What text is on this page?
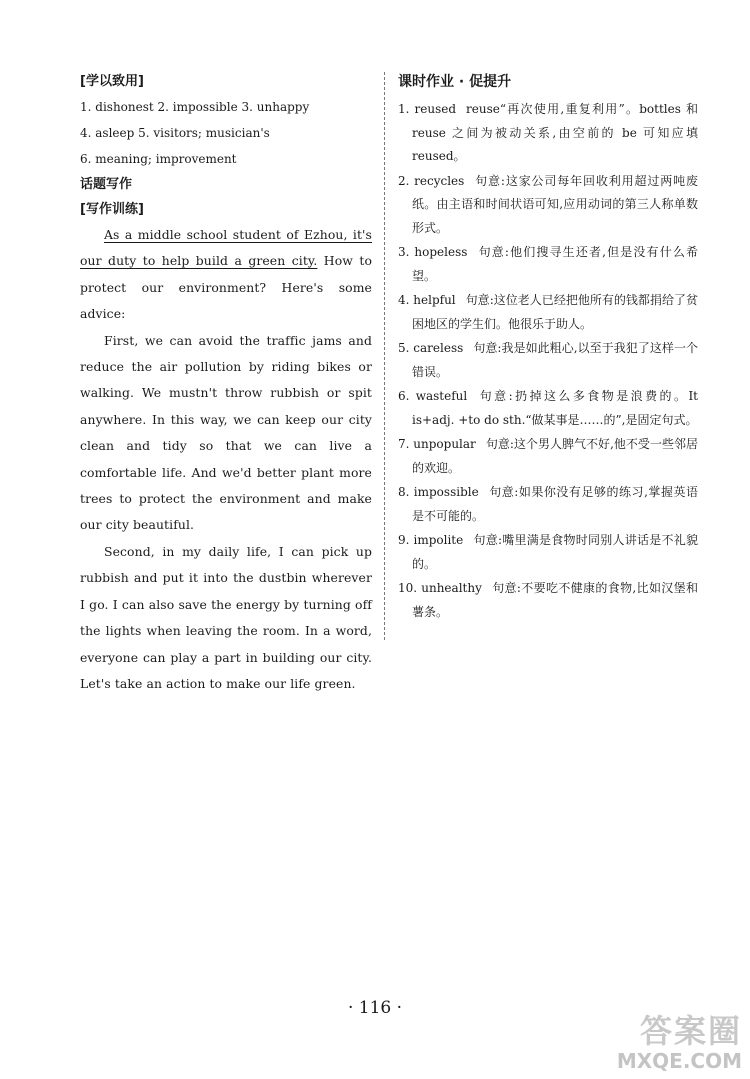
[学以致用]
1. dishonest 2. impossible 3. unhappy
4. asleep 5. visitors; musician's
6. meaning; improvement
话题写作
[写作训练]

As a middle school student of Ezhou, it's our duty to help build a green city. How to protect our environment? Here's some advice:

First, we can avoid the traffic jams and reduce the air pollution by riding bikes or walking. We mustn't throw rubbish or spit anywhere. In this way, we can keep our city clean and tidy so that we can live a comfortable life. And we'd better plant more trees to protect the environment and make our city beautiful.

Second, in my daily life, I can pick up rubbish and put it into the dustbin wherever I go. I can also save the energy by turning off the lights when leaving the room. In a word, everyone can play a part in building our city. Let's take an action to make our life green.

课时作业 · 促提升
1. reused reuse“再次使用,重复利用”。bottles 和 reuse 之间为被动关系,由空前的 be 可知应填 reused。
2. recycles 句意:这家公司每年回收利用超过两吨废纸。由主语和时间状语可知,应用动词的第三人称单数形式。
3. hopeless 句意:他们搜寻生还者,但是没有什么希望。
4. helpful 句意:这位老人已经把他所有的钱都捐给了贫困地区的学生们。他很乐于助人。
5. careless 句意:我是如此粗心,以至于我犯了这样一个错误。
6. wasteful 句意:扔掉这么多食物是浪费的。It is+adj. +to do sth.“做某事是……的”,是固定句式。
7. unpopular 句意:这个男人脾气不好,他不受一些邻居的欢迎。
8. impossible 句意:如果你没有足够的练习,掌握英语是不可能的。
9. impolite 句意:嘴里满是食物时同别人讲话是不礼貌的。
10. unhealthy 句意:不要吃不健康的食物,比如汉堡和薯条。
· 116 ·
答案圈
MXQE.COM
